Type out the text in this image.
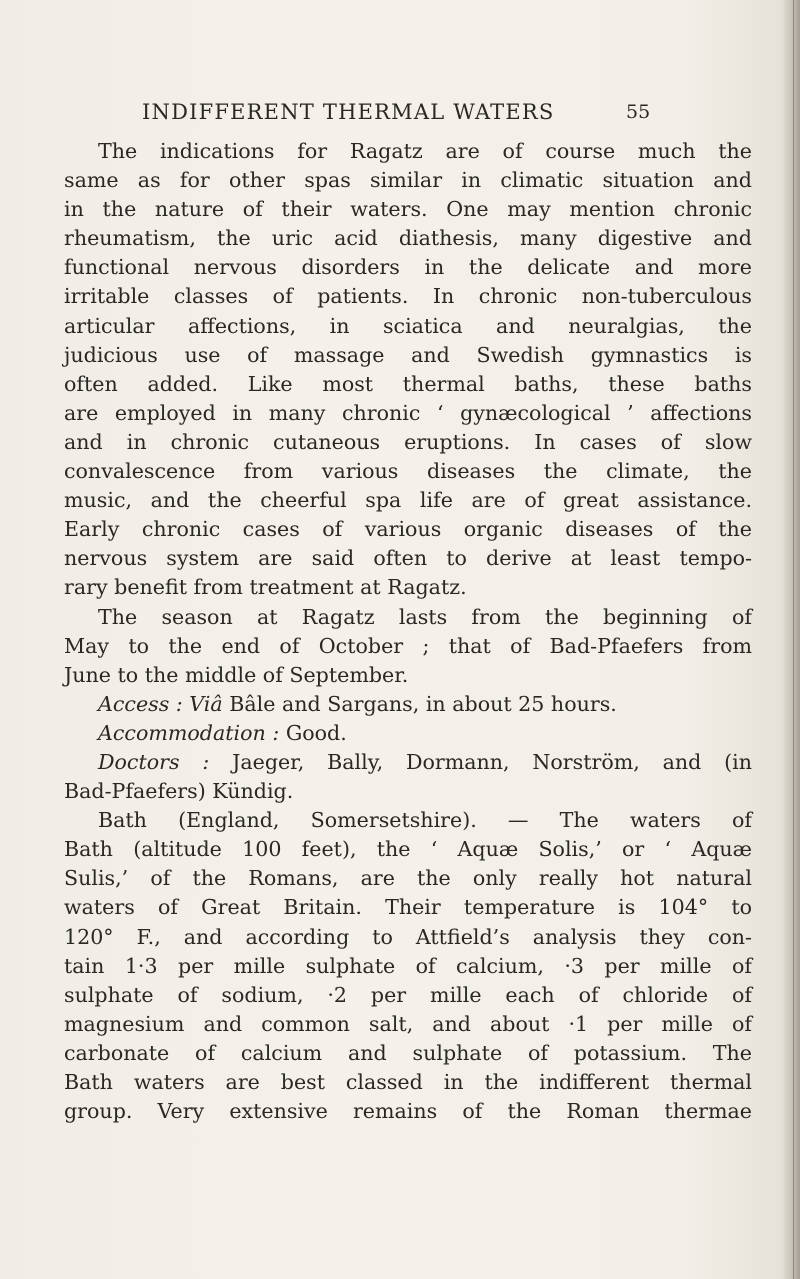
INDIFFERENT THERMAL WATERS	55
The indications for Ragatz are of course much the
same as for other spas similar in climatic situation and
in the nature of their waters. One may mention chronic
rheumatism, the uric acid diathesis, many digestive and
functional nervous disorders in the delicate and more
irritable classes of patients. In chronic non-tuberculous
articular affections, in sciatica and neuralgias, the
judicious use of massage and Swedish gymnastics is
often added. Like most thermal baths, these baths
are employed in many chronic ‘ gynæcological ’ affections
and in chronic cutaneous eruptions. In cases of slow
convalescence from various diseases the climate, the
music, and the cheerful spa life are of great assistance.
Early chronic cases of various organic diseases of the
nervous system are said often to derive at least tempo-
rary benefit from treatment at Ragatz.
The season at Ragatz lasts from the beginning of
May to the end of October ; that of Bad-Pfaefers from
June to the middle of September.
Access : Viâ Bâle and Sargans, in about 25 hours.
Accommodation : Good.
Doctors : Jaeger, Bally, Dormann, Norström, and (in
Bad-Pfaefers) Kündig.
Bath (England, Somersetshire). — The waters of
Bath (altitude 100 feet), the ‘ Aquæ Solis,’ or ‘ Aquæ
Sulis,’ of the Romans, are the only really hot natural
waters of Great Britain. Their temperature is 104° to
120° F., and according to Attfield’s analysis they con-
tain 1·3 per mille sulphate of calcium, ·3 per mille of
sulphate of sodium, ·2 per mille each of chloride of
magnesium and common salt, and about ·1 per mille of
carbonate of calcium and sulphate of potassium. The
Bath waters are best classed in the indifferent thermal
group. Very extensive remains of the Roman thermae
